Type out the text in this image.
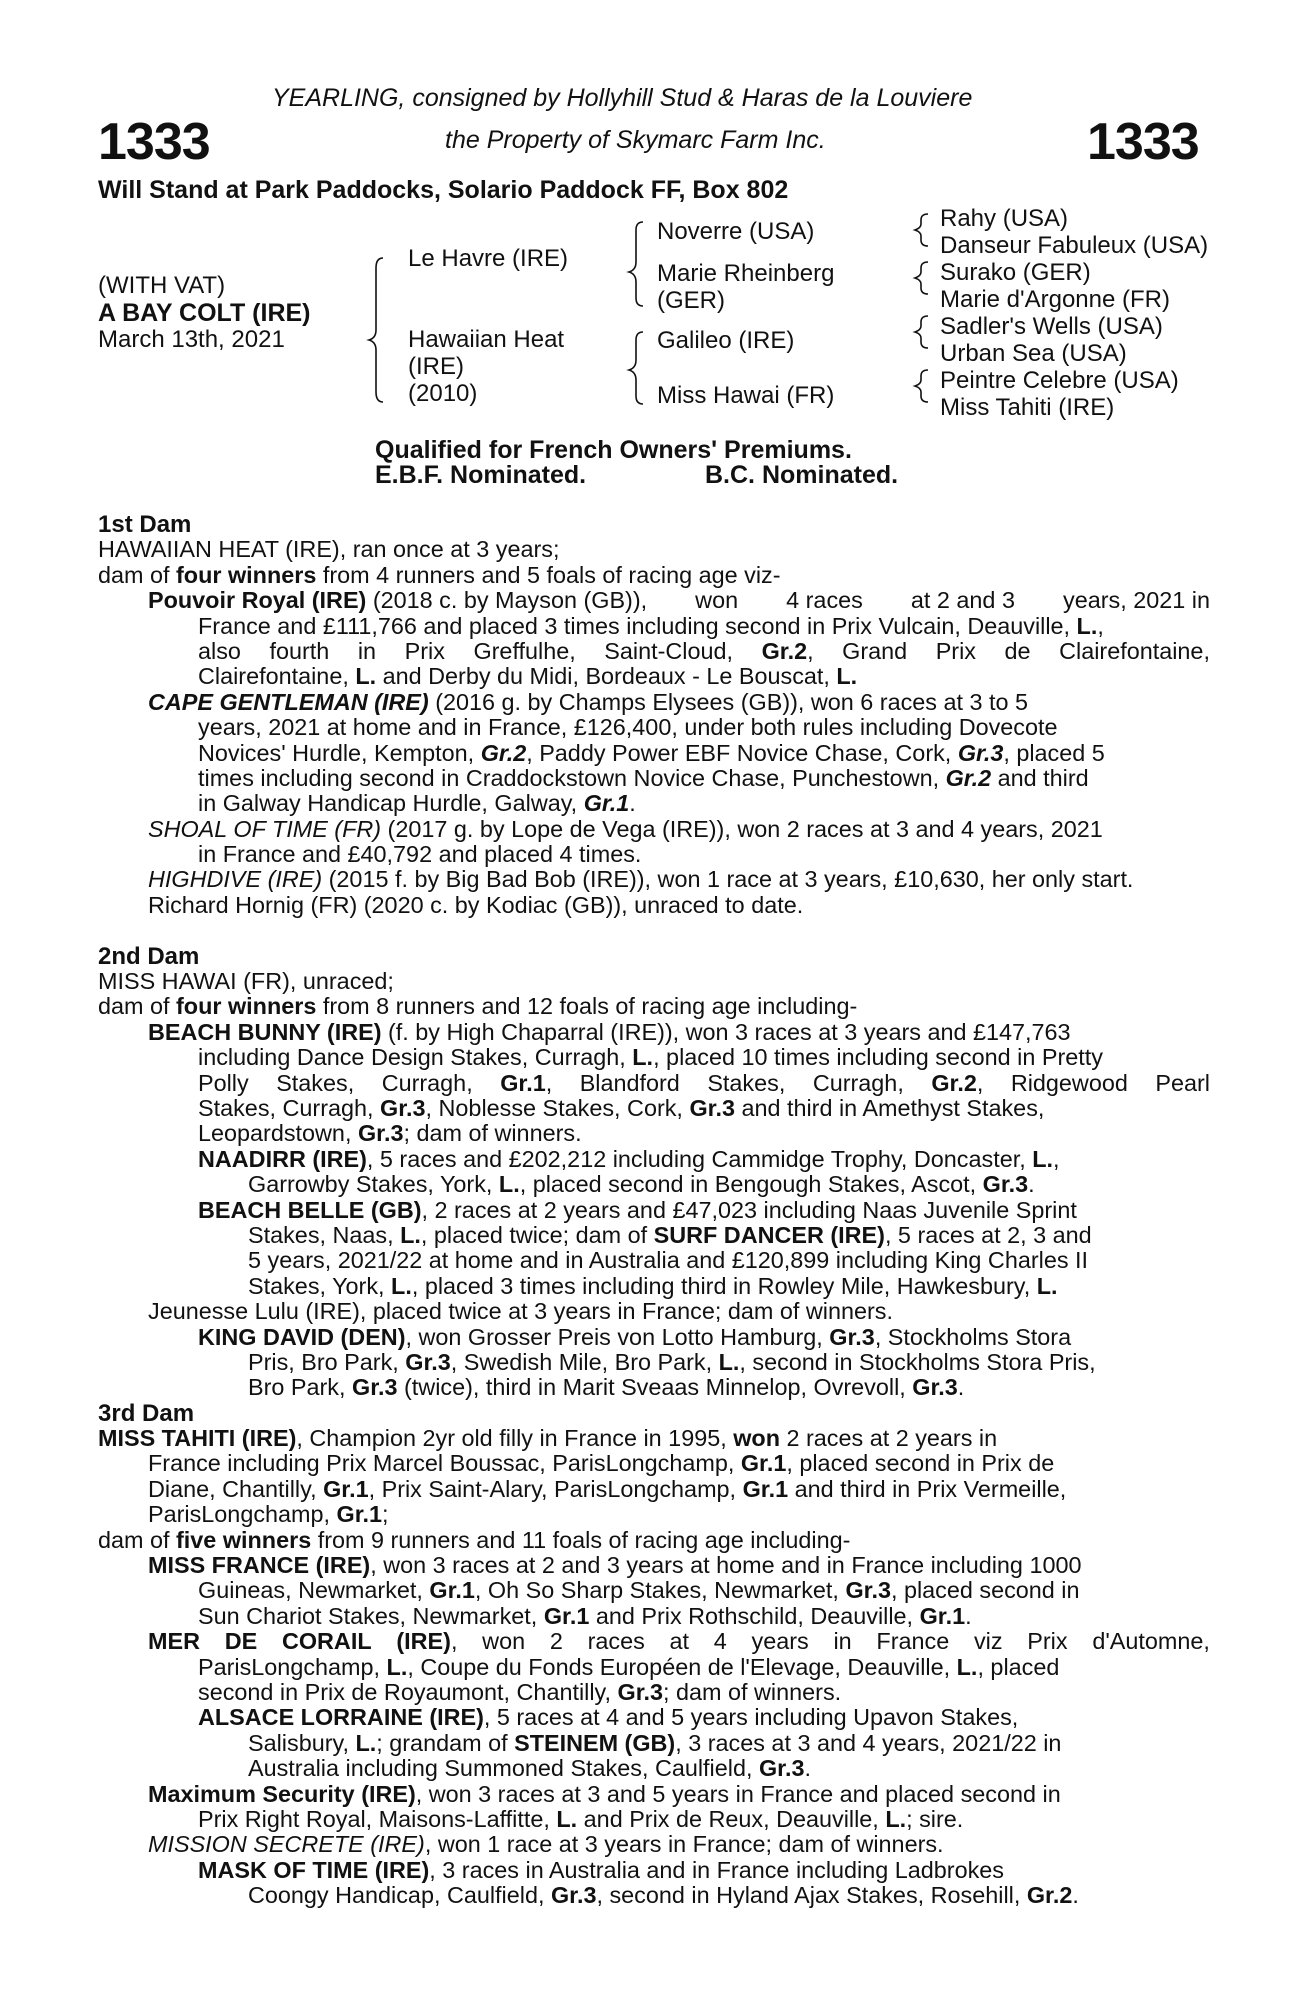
1333	1333
YEARLING, consigned by Hollyhill Stud & Haras de la Louviere
the Property of Skymarc Farm Inc.
Will Stand at Park Paddocks, Solario Paddock FF, Box 802
(WITH VAT)
A BAY COLT (IRE)
March 13th, 2021
Le Havre (IRE)
Hawaiian Heat
(IRE)
(2010)
Noverre (USA)
Marie Rheinberg
(GER)
Galileo (IRE)
Miss Hawai (FR)
Rahy (USA)
Danseur Fabuleux (USA)
Surako (GER)
Marie d'Argonne (FR)
Sadler's Wells (USA)
Urban Sea (USA)
Peintre Celebre (USA)
Miss Tahiti (IRE)
Qualified for French Owners' Premiums.
E.B.F. Nominated.	B.C. Nominated.
1st Dam
HAWAIIAN HEAT (IRE), ran once at 3 years;
dam of four winners from 4 runners and 5 foals of racing age viz-
Pouvoir Royal (IRE) (2018 c. by Mayson (GB)), won 4 races at 2 and 3 years, 2021 in
France and £111,766 and placed 3 times including second in Prix Vulcain, Deauville, L.,
also fourth in Prix Greffulhe, Saint-Cloud, Gr.2, Grand Prix de Clairefontaine,
Clairefontaine, L. and Derby du Midi, Bordeaux - Le Bouscat, L.
CAPE GENTLEMAN (IRE) (2016 g. by Champs Elysees (GB)), won 6 races at 3 to 5
years, 2021 at home and in France, £126,400, under both rules including Dovecote
Novices' Hurdle, Kempton, Gr.2, Paddy Power EBF Novice Chase, Cork, Gr.3, placed 5
times including second in Craddockstown Novice Chase, Punchestown, Gr.2 and third
in Galway Handicap Hurdle, Galway, Gr.1.
SHOAL OF TIME (FR) (2017 g. by Lope de Vega (IRE)), won 2 races at 3 and 4 years, 2021
in France and £40,792 and placed 4 times.
HIGHDIVE (IRE) (2015 f. by Big Bad Bob (IRE)), won 1 race at 3 years, £10,630, her only start.
Richard Hornig (FR) (2020 c. by Kodiac (GB)), unraced to date.
2nd Dam
MISS HAWAI (FR), unraced;
dam of four winners from 8 runners and 12 foals of racing age including-
BEACH BUNNY (IRE) (f. by High Chaparral (IRE)), won 3 races at 3 years and £147,763
including Dance Design Stakes, Curragh, L., placed 10 times including second in Pretty
Polly Stakes, Curragh, Gr.1, Blandford Stakes, Curragh, Gr.2, Ridgewood Pearl
Stakes, Curragh, Gr.3, Noblesse Stakes, Cork, Gr.3 and third in Amethyst Stakes,
Leopardstown, Gr.3; dam of winners.
NAADIRR (IRE), 5 races and £202,212 including Cammidge Trophy, Doncaster, L.,
Garrowby Stakes, York, L., placed second in Bengough Stakes, Ascot, Gr.3.
BEACH BELLE (GB), 2 races at 2 years and £47,023 including Naas Juvenile Sprint
Stakes, Naas, L., placed twice; dam of SURF DANCER (IRE), 5 races at 2, 3 and
5 years, 2021/22 at home and in Australia and £120,899 including King Charles II
Stakes, York, L., placed 3 times including third in Rowley Mile, Hawkesbury, L.
Jeunesse Lulu (IRE), placed twice at 3 years in France; dam of winners.
KING DAVID (DEN), won Grosser Preis von Lotto Hamburg, Gr.3, Stockholms Stora
Pris, Bro Park, Gr.3, Swedish Mile, Bro Park, L., second in Stockholms Stora Pris,
Bro Park, Gr.3 (twice), third in Marit Sveaas Minnelop, Ovrevoll, Gr.3.
3rd Dam
MISS TAHITI (IRE), Champion 2yr old filly in France in 1995, won 2 races at 2 years in
France including Prix Marcel Boussac, ParisLongchamp, Gr.1, placed second in Prix de
Diane, Chantilly, Gr.1, Prix Saint-Alary, ParisLongchamp, Gr.1 and third in Prix Vermeille,
ParisLongchamp, Gr.1;
dam of five winners from 9 runners and 11 foals of racing age including-
MISS FRANCE (IRE), won 3 races at 2 and 3 years at home and in France including 1000
Guineas, Newmarket, Gr.1, Oh So Sharp Stakes, Newmarket, Gr.3, placed second in
Sun Chariot Stakes, Newmarket, Gr.1 and Prix Rothschild, Deauville, Gr.1.
MER DE CORAIL (IRE), won 2 races at 4 years in France viz Prix d'Automne,
ParisLongchamp, L., Coupe du Fonds Européen de l'Elevage, Deauville, L., placed
second in Prix de Royaumont, Chantilly, Gr.3; dam of winners.
ALSACE LORRAINE (IRE), 5 races at 4 and 5 years including Upavon Stakes,
Salisbury, L.; grandam of STEINEM (GB), 3 races at 3 and 4 years, 2021/22 in
Australia including Summoned Stakes, Caulfield, Gr.3.
Maximum Security (IRE), won 3 races at 3 and 5 years in France and placed second in
Prix Right Royal, Maisons-Laffitte, L. and Prix de Reux, Deauville, L.; sire.
MISSION SECRETE (IRE), won 1 race at 3 years in France; dam of winners.
MASK OF TIME (IRE), 3 races in Australia and in France including Ladbrokes
Coongy Handicap, Caulfield, Gr.3, second in Hyland Ajax Stakes, Rosehill, Gr.2.
